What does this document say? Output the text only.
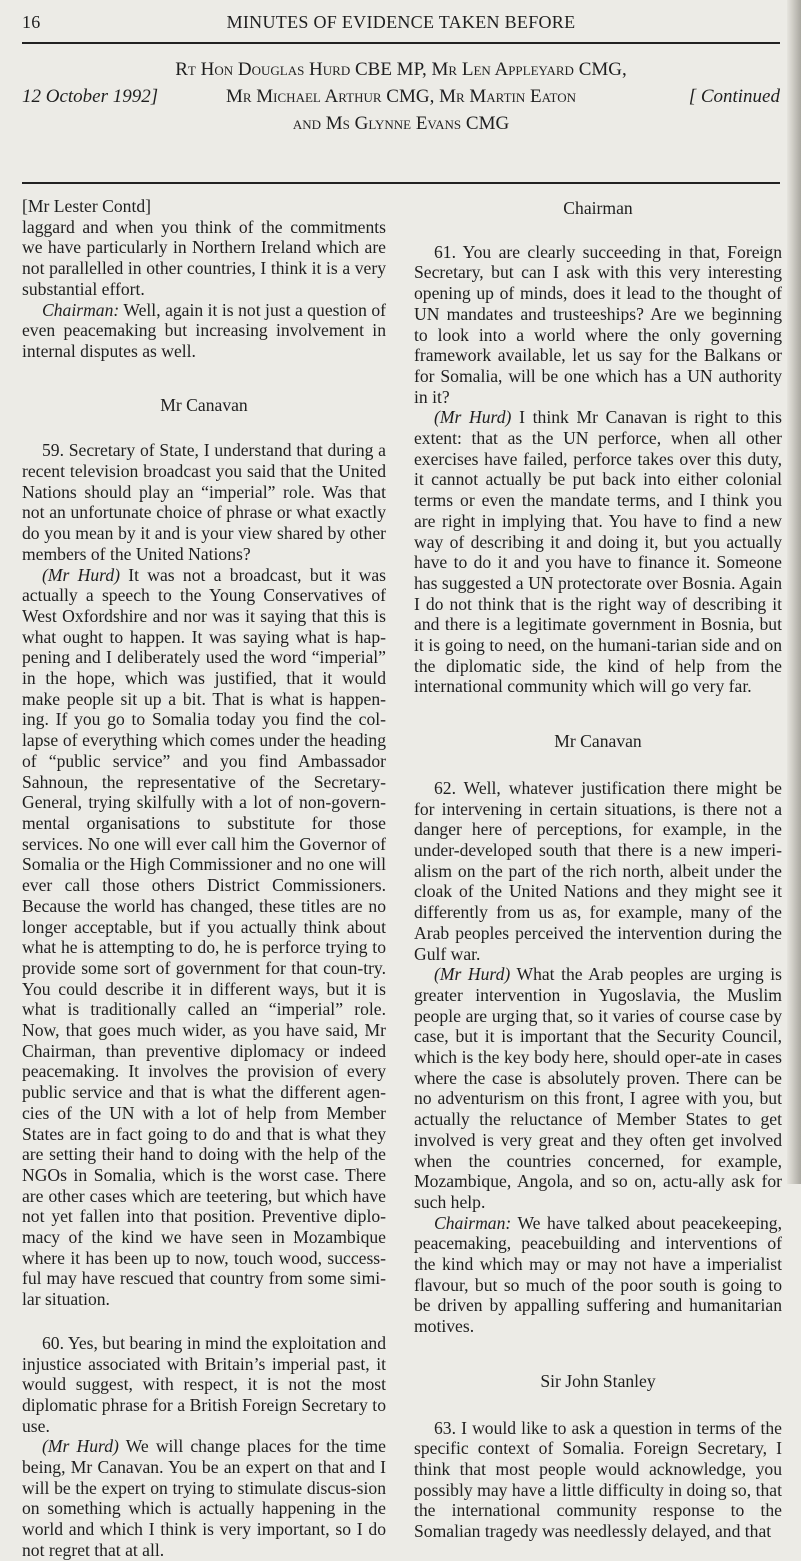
16	MINUTES OF EVIDENCE TAKEN BEFORE
Rt Hon Douglas Hurd CBE MP, Mr Len Appleyard CMG,
12 October 1992]	Mr Michael Arthur CMG, Mr Martin Eaton	[ Continued
and Ms Glynne Evans CMG

[Mr Lester Contd]

laggard and when you think of the commitments we have particularly in Northern Ireland which are not parallelled in other countries, I think it is a very substantial effort.

Chairman: Well, again it is not just a question of even peacemaking but increasing involvement in internal disputes as well.

Mr Canavan

59. Secretary of State, I understand that during a recent television broadcast you said that the United Nations should play an “imperial” role. Was that not an unfortunate choice of phrase or what exactly do you mean by it and is your view shared by other members of the United Nations?

(Mr Hurd) It was not a broadcast, but it was actually a speech to the Young Conservatives of West Oxfordshire and nor was it saying that this is what ought to happen. It was saying what is hap-pening and I deliberately used the word “imperial” in the hope, which was justified, that it would make people sit up a bit. That is what is happen-ing. If you go to Somalia today you find the col-lapse of everything which comes under the heading of “public service” and you find Ambassador Sahnoun, the representative of the Secretary-General, trying skilfully with a lot of non-govern-mental organisations to substitute for those services. No one will ever call him the Governor of Somalia or the High Commissioner and no one will ever call those others District Commissioners. Because the world has changed, these titles are no longer acceptable, but if you actually think about what he is attempting to do, he is perforce trying to provide some sort of government for that coun-try. You could describe it in different ways, but it is what is traditionally called an “imperial” role. Now, that goes much wider, as you have said, Mr Chairman, than preventive diplomacy or indeed peacemaking. It involves the provision of every public service and that is what the different agen-cies of the UN with a lot of help from Member States are in fact going to do and that is what they are setting their hand to doing with the help of the NGOs in Somalia, which is the worst case. There are other cases which are teetering, but which have not yet fallen into that position. Preventive diplo-macy of the kind we have seen in Mozambique where it has been up to now, touch wood, success-ful may have rescued that country from some simi-lar situation.

60. Yes, but bearing in mind the exploitation and injustice associated with Britain’s imperial past, it would suggest, with respect, it is not the most diplomatic phrase for a British Foreign Secretary to use.

(Mr Hurd) We will change places for the time being, Mr Canavan. You be an expert on that and I will be the expert on trying to stimulate discus-sion on something which is actually happening in the world and which I think is very important, so I do not regret that at all.

Chairman

61. You are clearly succeeding in that, Foreign Secretary, but can I ask with this very interesting opening up of minds, does it lead to the thought of UN mandates and trusteeships? Are we beginning to look into a world where the only governing framework available, let us say for the Balkans or for Somalia, will be one which has a UN authority in it?

(Mr Hurd) I think Mr Canavan is right to this extent: that as the UN perforce, when all other exercises have failed, perforce takes over this duty, it cannot actually be put back into either colonial terms or even the mandate terms, and I think you are right in implying that. You have to find a new way of describing it and doing it, but you actually have to do it and you have to finance it. Someone has suggested a UN protectorate over Bosnia. Again I do not think that is the right way of describing it and there is a legitimate government in Bosnia, but it is going to need, on the humani-tarian side and on the diplomatic side, the kind of help from the international community which will go very far.

Mr Canavan

62. Well, whatever justification there might be for intervening in certain situations, is there not a danger here of perceptions, for example, in the under-developed south that there is a new imperi-alism on the part of the rich north, albeit under the cloak of the United Nations and they might see it differently from us as, for example, many of the Arab peoples perceived the intervention during the Gulf war.

(Mr Hurd) What the Arab peoples are urging is greater intervention in Yugoslavia, the Muslim people are urging that, so it varies of course case by case, but it is important that the Security Council, which is the key body here, should oper-ate in cases where the case is absolutely proven. There can be no adventurism on this front, I agree with you, but actually the reluctance of Member States to get involved is very great and they often get involved when the countries concerned, for example, Mozambique, Angola, and so on, actu-ally ask for such help.

Chairman: We have talked about peacekeeping, peacemaking, peacebuilding and interventions of the kind which may or may not have a imperialist flavour, but so much of the poor south is going to be driven by appalling suffering and humanitarian motives.

Sir John Stanley

63. I would like to ask a question in terms of the specific context of Somalia. Foreign Secretary, I think that most people would acknowledge, you possibly may have a little difficulty in doing so, that the international community response to the Somalian tragedy was needlessly delayed, and that
